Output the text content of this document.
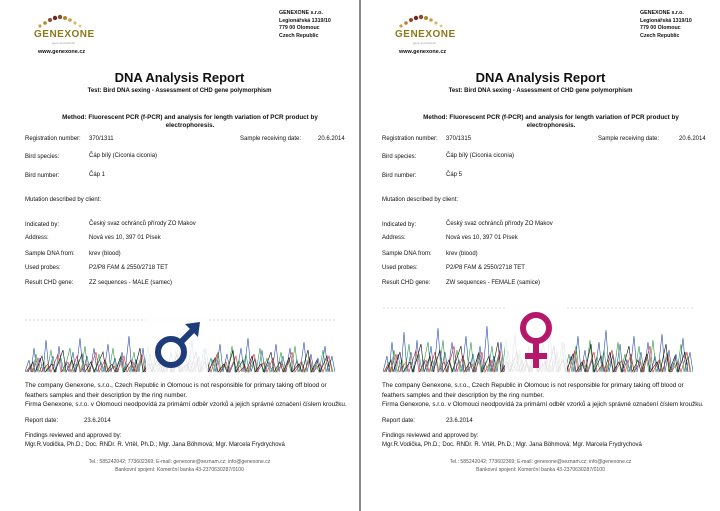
GENEXONE
gene and biotech
www.genexone.cz
GENEXONE s.r.o.
Legionářská 1319/10
779 00 Olomouc
Czech Republic
DNA Analysis Report
Test: Bird DNA sexing - Assessment of CHD gene polymorphism
Method: Fluorescent PCR (f-PCR) and analysis for length variation of PCR product by electrophoresis.
Registration number: 370/1311	Sample receiving date:	20.6.2014
Bird species:	Čáp bílý (Ciconia ciconia)
Bird number:	Čáp 1
Mutation described by client:
Indicated by:	Český svaz ochránců přírody ZO Makov
Address:	Nová ves 10, 397 01 Písek
Sample DNA from: krev (blood)
Used probes:	P2/P8 FAM & 2550/2718 TET
Result CHD gene:	ZZ sequences - MALE (samec)
The company Genexone, s.r.o., Czech Republic in Olomouc is not responsible for primary taking off blood or
feathers samples and their description by the ring number.
Firma Genexone, s.r.o. v Olomouci neodpovídá za primární odběr vzorků a jejich správné označení číslem kroužku.
Report date:	23.6.2014
Findings reviewed and approved by:
Mgr.R.Vodička, Ph.D.; Doc. RNDr. R. Vrtěl, Ph.D.; Mgr. Jana Böhmová; Mgr. Marcela Frydrychová
Tel.: 585242042; 773602369; E-mail: genexone@seznam.cz; info@genexone.cz
Bankovní spojení: Komerční banka 43-2370630287/0100
GENEXONE
gene and biotech
www.genexone.cz
GENEXONE s.r.o.
Legionářská 1319/10
779 00 Olomouc
Czech Republic
DNA Analysis Report
Test: Bird DNA sexing - Assessment of CHD gene polymorphism
Method: Fluorescent PCR (f-PCR) and analysis for length variation of PCR product by electrophoresis.
Registration number: 370/1315	Sample receiving date:	20.6.2014
Bird species:	Čáp bílý (Ciconia ciconia)
Bird number:	Čáp 5
Mutation described by client:
Indicated by:	Český svaz ochránců přírody ZO Makov
Address:	Nová ves 10, 397 01 Písek
Sample DNA from: krev (blood)
Used probes:	P2/P8 FAM & 2550/2718 TET
Result CHD gene:	ZW sequences - FEMALE (samice)
The company Genexone, s.r.o., Czech Republic in Olomouc is not responsible for primary taking off blood or
feathers samples and their description by the ring number.
Firma Genexone, s.r.o. v Olomouci neodpovídá za primární odběr vzorků a jejich správné označení číslem kroužku.
Report date:	23.6.2014
Findings reviewed and approved by:
Mgr.R.Vodička, Ph.D.; Doc. RNDr. R. Vrtěl, Ph.D.; Mgr. Jana Böhmová; Mgr. Marcela Frydrychová
Tel.: 585242042; 773602369; E-mail: genexone@seznam.cz; info@genexone.cz
Bankovní spojení: Komerční banka 43-2370630287/0100
